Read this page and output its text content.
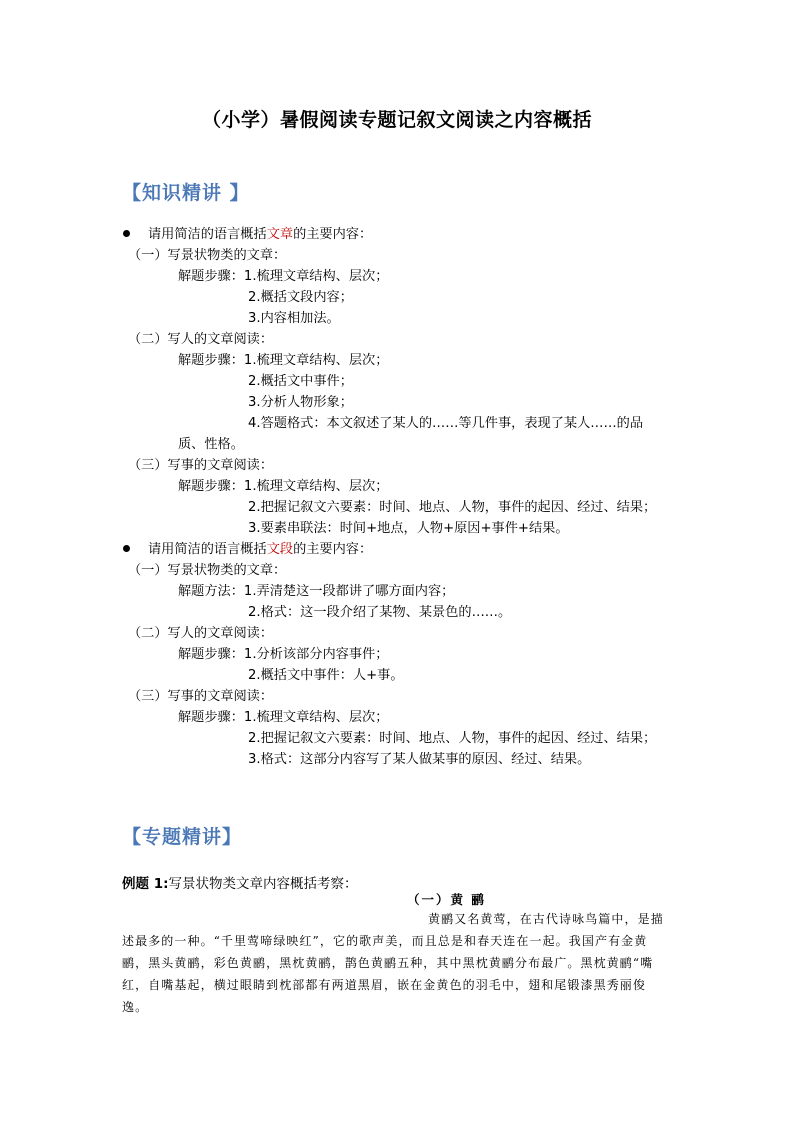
（小学）暑假阅读专题记叙文阅读之内容概括
【知识精讲 】
请用简洁的语言概括文章的主要内容：
（一）写景状物类的文章：
解题步骤：1.梳理文章结构、层次；
2.概括文段内容；
3.内容相加法。
（二）写人的文章阅读：
解题步骤：1.梳理文章结构、层次；
2.概括文中事件；
3.分析人物形象；
4.答题格式：本文叙述了某人的……等几件事，表现了某人……的品
质、性格。
（三）写事的文章阅读：
解题步骤：1.梳理文章结构、层次；
2.把握记叙文六要素：时间、地点、人物，事件的起因、经过、结果；
3.要素串联法：时间+地点，人物+原因+事件+结果。
请用简洁的语言概括文段的主要内容：
（一）写景状物类的文章：
解题方法：1.弄清楚这一段都讲了哪方面内容；
2.格式：这一段介绍了某物、某景色的……。
（二）写人的文章阅读：
解题步骤：1.分析该部分内容事件；
2.概括文中事件：人+事。
（三）写事的文章阅读：
解题步骤：1.梳理文章结构、层次；
2.把握记叙文六要素：时间、地点、人物，事件的起因、经过、结果；
3.格式：这部分内容写了某人做某事的原因、经过、结果。
【专题精讲】
例题 1:写景状物类文章内容概括考察：
（一）黄 鹂
黄鹂又名黄莺，在古代诗咏鸟篇中，是描
述最多的一种。“千里莺啼绿映红”，它的歌声美，而且总是和春天连在一起。我国产有金黄
鹂，黑头黄鹂，彩色黄鹂，黑枕黄鹂，鹊色黄鹂五种，其中黑枕黄鹂分布最广。黑枕黄鹂“嘴
红，自嘴基起，横过眼睛到枕部都有两道黑眉，嵌在金黄色的羽毛中，翅和尾锻漆黑秀丽俊
逸。
